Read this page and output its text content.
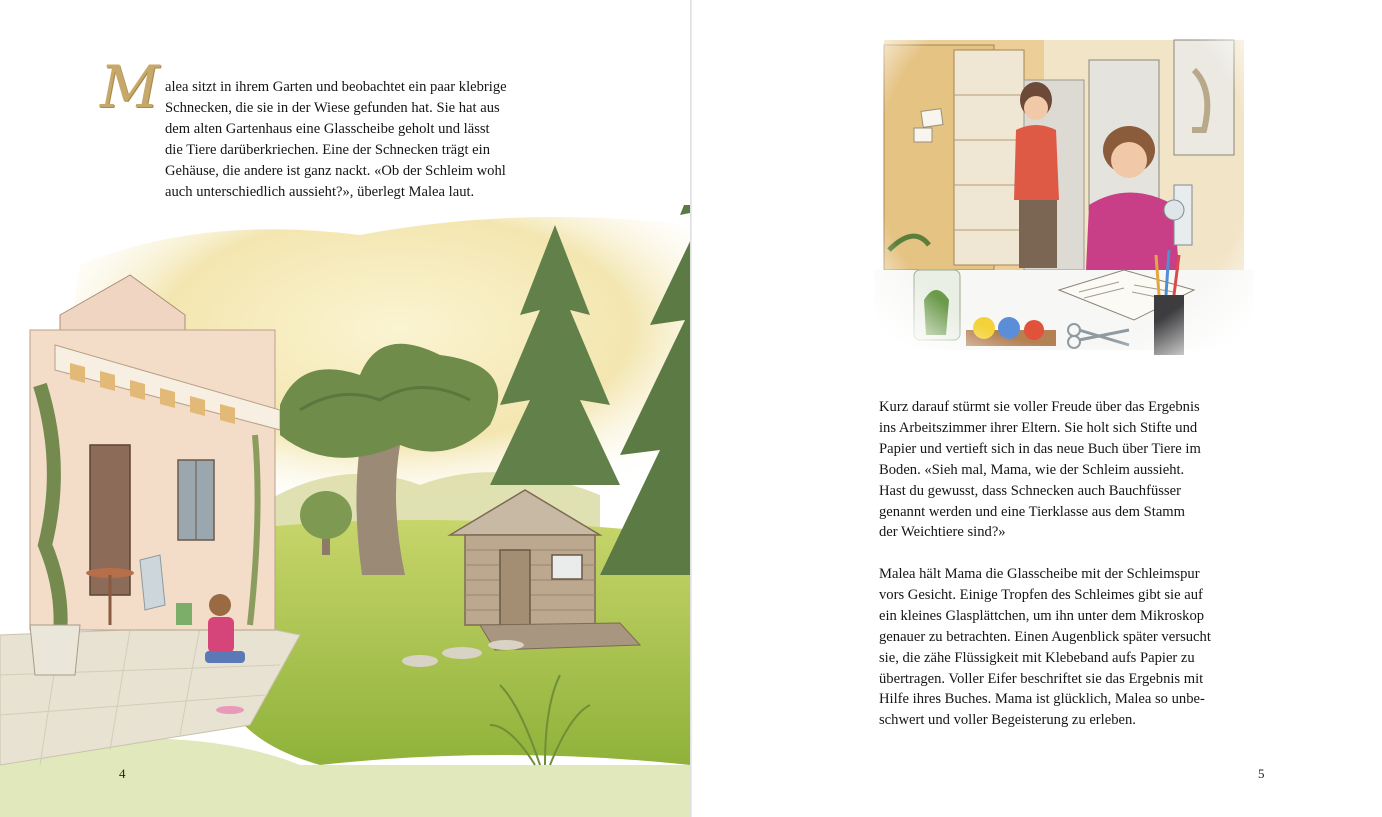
M alea sitzt in ihrem Garten und beobachtet ein paar klebrige
Schnecken, die sie in der Wiese gefunden hat. Sie hat aus
dem alten Gartenhaus eine Glasscheibe geholt und lässt
die Tiere darüberkriechen. Eine der Schnecken trägt ein
Gehäuse, die andere ist ganz nackt. «Ob der Schleim wohl
auch unterschiedlich aussieht?», überlegt Malea laut.
4
Kurz darauf stürmt sie voller Freude über das Ergebnis
ins Arbeitszimmer ihrer Eltern. Sie holt sich Stifte und
Papier und vertieft sich in das neue Buch über Tiere im
Boden. «Sieh mal, Mama, wie der Schleim aussieht.
Hast du gewusst, dass Schnecken auch Bauchfüsser
genannt werden und eine Tierklasse aus dem Stamm
der Weichtiere sind?»
Malea hält Mama die Glasscheibe mit der Schleimspur
vors Gesicht. Einige Tropfen des Schleimes gibt sie auf
ein kleines Glasplättchen, um ihn unter dem Mikroskop
genauer zu betrachten. Einen Augenblick später versucht
sie, die zähe Flüssigkeit mit Klebeband aufs Papier zu
übertragen. Voller Eifer beschriftet sie das Ergebnis mit
Hilfe ihres Buches. Mama ist glücklich, Malea so unbe-
schwert und voller Begeisterung zu erleben.
5
